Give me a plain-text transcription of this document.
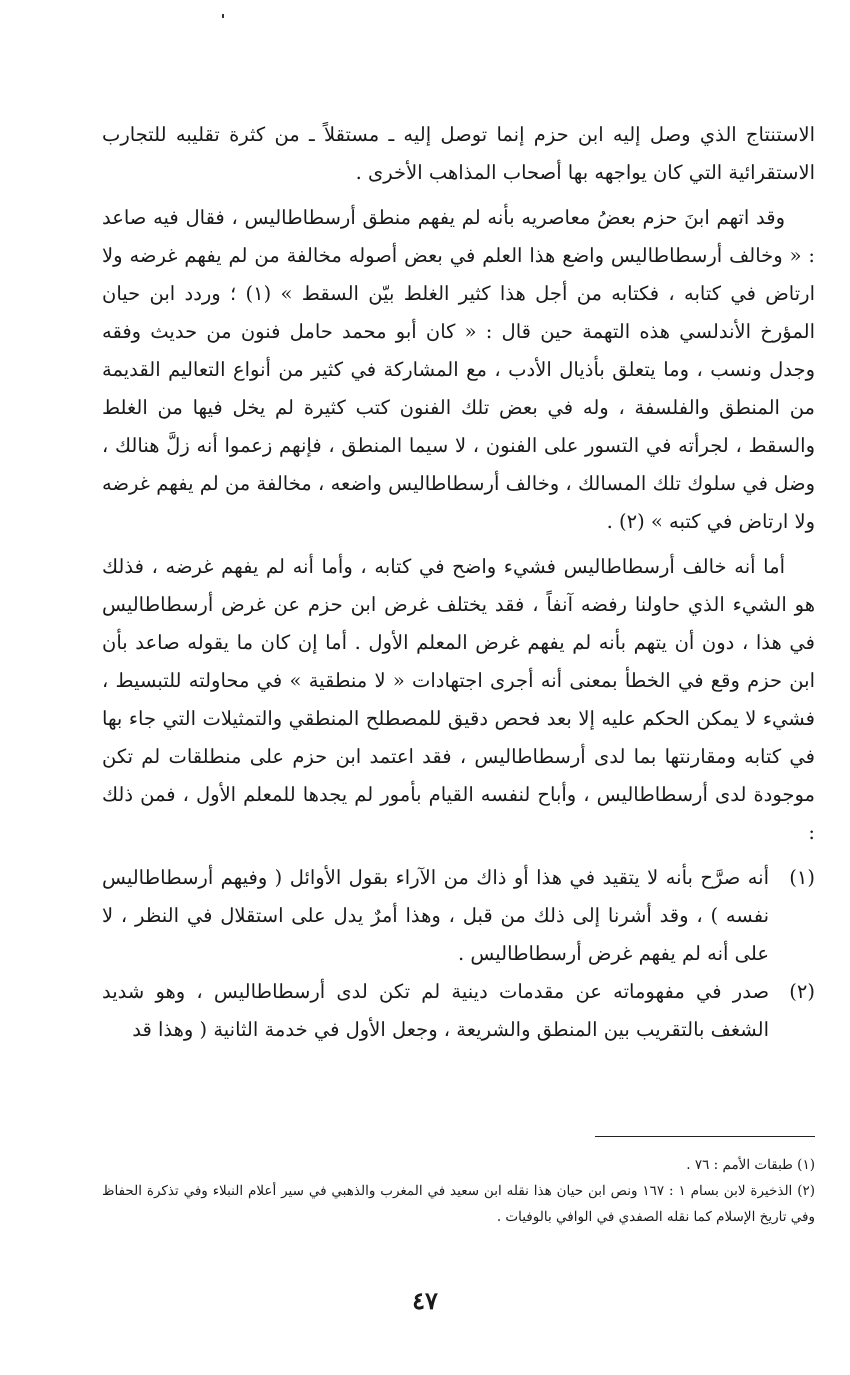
الاستنتاج الذي وصل إليه ابن حزم إنما توصل إليه ـ مستقلاً ـ من كثرة تقليبه للتجارب الاستقرائية التي كان يواجهه بها أصحاب المذاهب الأخرى .

وقد اتهم ابنَ حزم بعضُ معاصريه بأنه لم يفهم منطق أرسطاطاليس ، فقال فيه صاعد : « وخالف أرسطاطاليس واضع هذا العلم في بعض أصوله مخالفة من لم يفهم غرضه ولا ارتاض في كتابه ، فكتابه من أجل هذا كثير الغلط بيّن السقط » (١) ؛ وردد ابن حيان المؤرخ الأندلسي هذه التهمة حين قال : « كان أبو محمد حامل فنون من حديث وفقه وجدل ونسب ، وما يتعلق بأذيال الأدب ، مع المشاركة في كثير من أنواع التعاليم القديمة من المنطق والفلسفة ، وله في بعض تلك الفنون كتب كثيرة لم يخل فيها من الغلط والسقط ، لجرأته في التسور على الفنون ، لا سيما المنطق ، فإنهم زعموا أنه زلَّ هنالك ، وضل في سلوك تلك المسالك ، وخالف أرسطاطاليس واضعه ، مخالفة من لم يفهم غرضه ولا ارتاض في كتبه » (٢) .

أما أنه خالف أرسطاطاليس فشيء واضح في كتابه ، وأما أنه لم يفهم غرضه ، فذلك هو الشيء الذي حاولنا رفضه آنفاً ، فقد يختلف غرض ابن حزم عن غرض أرسطاطاليس في هذا ، دون أن يتهم بأنه لم يفهم غرض المعلم الأول . أما إن كان ما يقوله صاعد بأن ابن حزم وقع في الخطأ بمعنى أنه أجرى اجتهادات « لا منطقية » في محاولته للتبسيط ، فشيء لا يمكن الحكم عليه إلا بعد فحص دقيق للمصطلح المنطقي والتمثيلات التي جاء بها في كتابه ومقارنتها بما لدى أرسطاطاليس ، فقد اعتمد ابن حزم على منطلقات لم تكن موجودة لدى أرسطاطاليس ، وأباح لنفسه القيام بأمور لم يجدها للمعلم الأول ، فمن ذلك :

(١)
أنه صرَّح بأنه لا يتقيد في هذا أو ذاك من الآراء بقول الأوائل ( وفيهم أرسطاطاليس نفسه ) ، وقد أشرنا إلى ذلك من قبل ، وهذا أمرٌ يدل على استقلال في النظر ، لا على أنه لم يفهم غرض أرسطاطاليس .
(٢)
صدر في مفهوماته عن مقدمات دينية لم تكن لدى أرسطاطاليس ، وهو شديد الشغف بالتقريب بين المنطق والشريعة ، وجعل الأول في خدمة الثانية ( وهذا قد

(١) طبقات الأمم : ٧٦ .

(٢) الذخيرة لابن بسام ١ : ١٦٧ ونص ابن حيان هذا نقله ابن سعيد في المغرب والذهبي في سير أعلام النبلاء وفي تذكرة الحفاظ وفي تاريخ الإسلام كما نقله الصفدي في الوافي بالوفيات .

٤٧
